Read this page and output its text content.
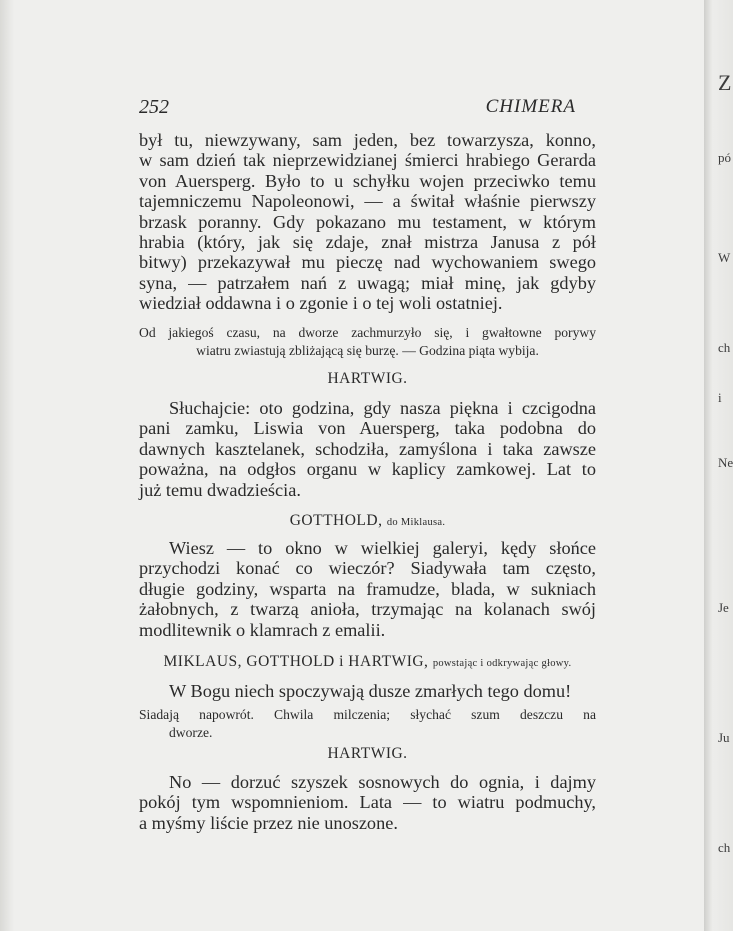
252	CHIMERA

był tu, niewzywany, sam jeden, bez towarzysza, konno,
w sam dzień tak nieprzewidzianej śmierci hrabiego Gerarda
von Auersperg. Było to u schyłku wojen przeciwko temu
tajemniczemu Napoleonowi, — a świtał właśnie pierwszy
brzask poranny. Gdy pokazano mu testament, w którym
hrabia (który, jak się zdaje, znał mistrza Janusa z pół
bitwy) przekazywał mu pieczę nad wychowaniem swego
syna, — patrzałem nań z uwagą; miał minę, jak gdyby
wiedział oddawna i o zgonie i o tej woli ostatniej.

Od jakiegoś czasu, na dworze zachmurzyło się, i gwałtowne porywy
wiatru zwiastują zbliżającą się burzę. — Godzina piąta wybija.

HARTWIG.

Słuchajcie: oto godzina, gdy nasza piękna i czcigodna
pani zamku, Liswia von Auersperg, taka podobna do
dawnych kasztelanek, schodziła, zamyślona i taka zawsze
poważna, na odgłos organu w kaplicy zamkowej. Lat to
już temu dwadzieścia.

GOTTHOLD, do Miklausa.

Wiesz — to okno w wielkiej galeryi, kędy słońce
przychodzi konać co wieczór? Siadywała tam często,
długie godziny, wsparta na framudze, blada, w sukniach
żałobnych, z twarzą anioła, trzymając na kolanach swój
modlitewnik o klamrach z emalii.

MIKLAUS, GOTTHOLD i HARTWIG, powstając i odkrywając głowy.

W Bogu niech spoczywają dusze zmarłych tego domu!

Siadają napowrót. Chwila milczenia; słychać szum deszczu na
dworze.

HARTWIG.

No — dorzuć szyszek sosnowych do ognia, i dajmy
pokój tym wspomnieniom. Lata — to wiatru podmuchy,
a myśmy liście przez nie unoszone.

Z
pó
W
ch
i
Ne
Je
Ju
ch
